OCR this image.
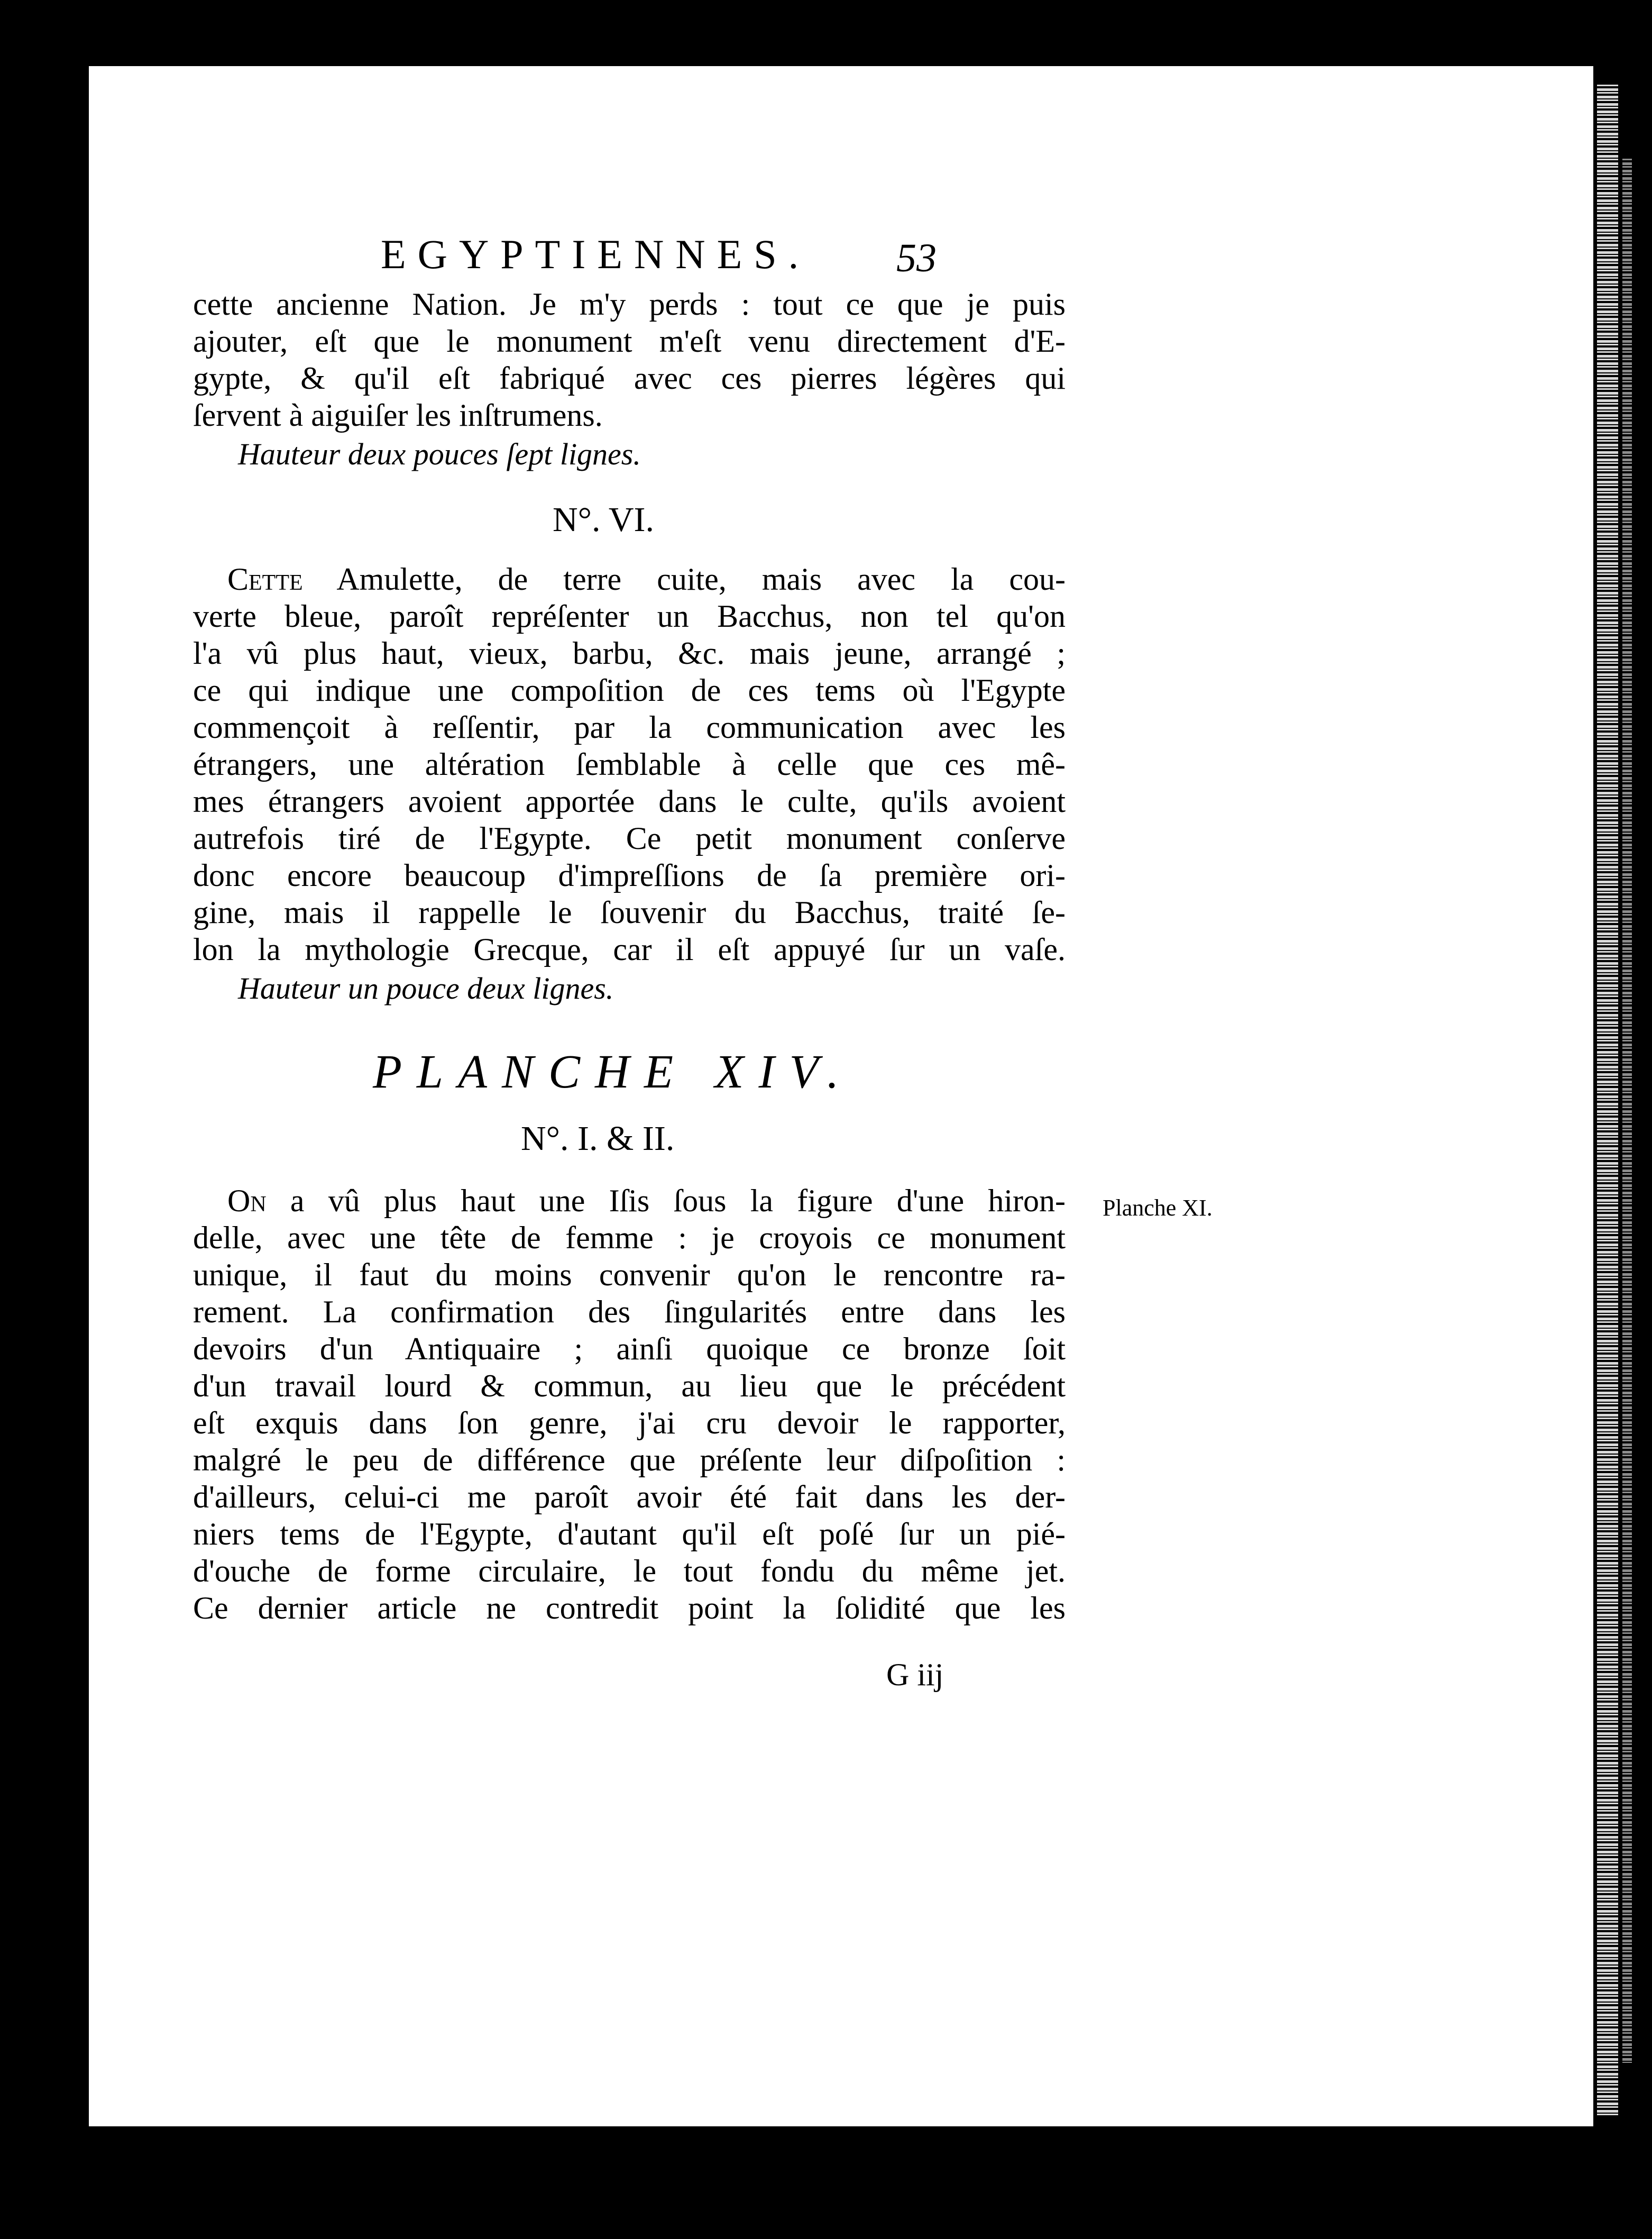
EGYPTIENNES. 53
cette ancienne Nation. Je m'y perds : tout ce que je puis
ajouter, eſt que le monument m'eſt venu directement d'E-
gypte, & qu'il eſt fabriqué avec ces pierres légères qui
ſervent à aiguiſer les inſtrumens.
Hauteur deux pouces ſept lignes.
N°. VI.
Cette Amulette, de terre cuite, mais avec la cou-
verte bleue, paroît repréſenter un Bacchus, non tel qu'on
l'a vû plus haut, vieux, barbu, &c. mais jeune, arrangé ;
ce qui indique une compoſition de ces tems où l'Egypte
commençoit à reſſentir, par la communication avec les
étrangers, une altération ſemblable à celle que ces mê-
mes étrangers avoient apportée dans le culte, qu'ils avoient
autrefois tiré de l'Egypte. Ce petit monument conſerve
donc encore beaucoup d'impreſſions de ſa première ori-
gine, mais il rappelle le ſouvenir du Bacchus, traité ſe-
lon la mythologie Grecque, car il eſt appuyé ſur un vaſe.
Hauteur un pouce deux lignes.
PLANCHE XIV.
N°. I. & II.
On a vû plus haut une Iſis ſous la figure d'une hiron- Planche XI.
delle, avec une tête de femme : je croyois ce monument
unique, il faut du moins convenir qu'on le rencontre ra-
rement. La confirmation des ſingularités entre dans les
devoirs d'un Antiquaire ; ainſi quoique ce bronze ſoit
d'un travail lourd & commun, au lieu que le précédent
eſt exquis dans ſon genre, j'ai cru devoir le rapporter,
malgré le peu de différence que préſente leur diſpoſition :
d'ailleurs, celui-ci me paroît avoir été fait dans les der-
niers tems de l'Egypte, d'autant qu'il eſt poſé ſur un pié-
d'ouche de forme circulaire, le tout fondu du même jet.
Ce dernier article ne contredit point la ſolidité que les
G iij
